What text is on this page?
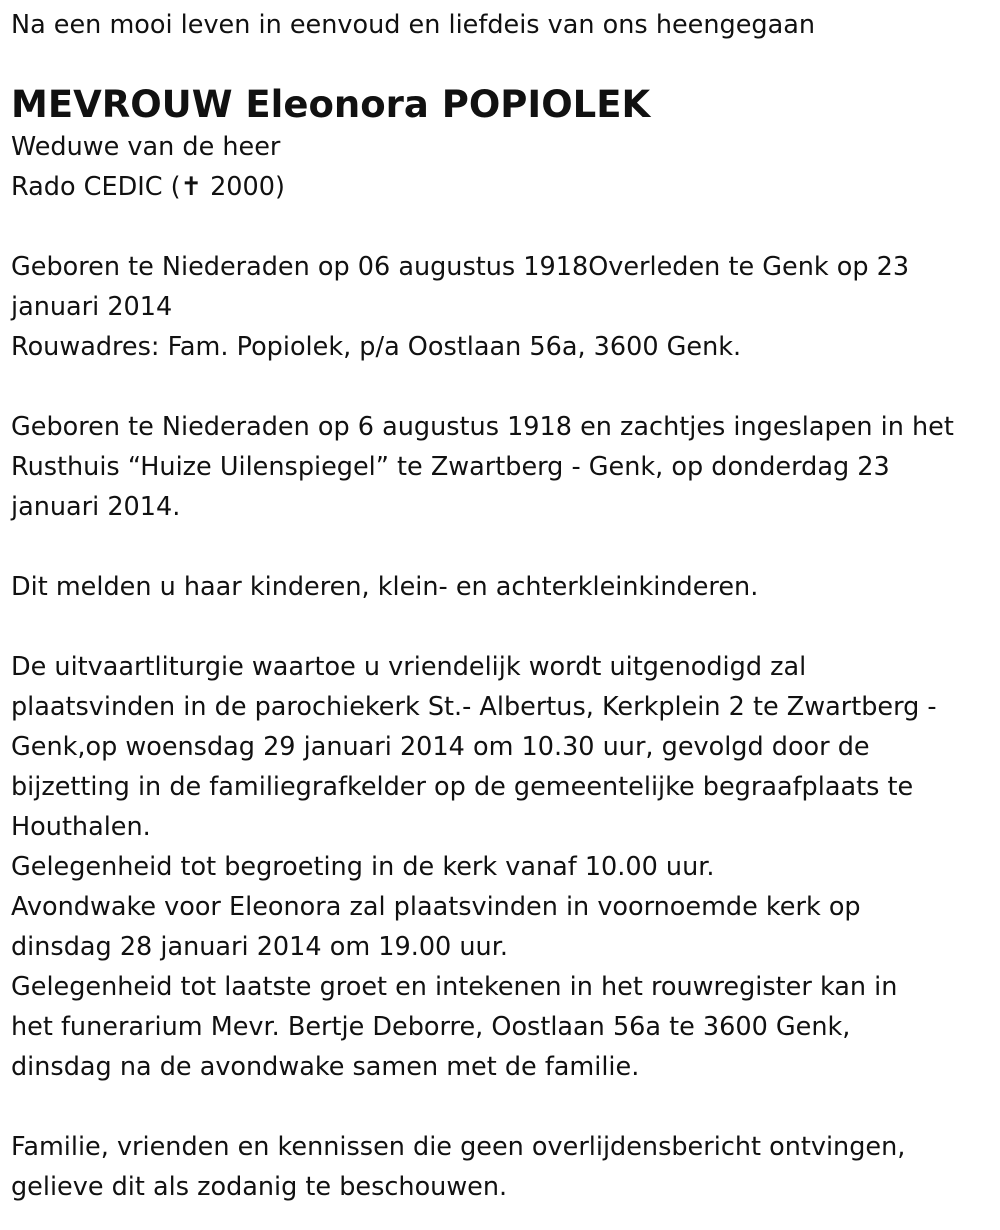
Na een mooi leven in eenvoud en liefdeis van ons heengegaan

MEVROUW Eleonora POPIOLEK

Weduwe van de heer

Rado CEDIC (✝ 2000)

Geboren te Niederaden op 06 augustus 1918Overleden te Genk op 23

januari 2014

Rouwadres: Fam. Popiolek, p/a Oostlaan 56a, 3600 Genk.

Geboren te Niederaden op 6 augustus 1918 en zachtjes ingeslapen in het

Rusthuis “Huize Uilenspiegel” te Zwartberg - Genk, op donderdag 23

januari 2014.

Dit melden u haar kinderen, klein- en achterkleinkinderen.

De uitvaartliturgie waartoe u vriendelijk wordt uitgenodigd zal

plaatsvinden in de parochiekerk St.- Albertus, Kerkplein 2 te Zwartberg -

Genk,op woensdag 29 januari 2014 om 10.30 uur, gevolgd door de

bijzetting in de familiegrafkelder op de gemeentelijke begraafplaats te

Houthalen.

Gelegenheid tot begroeting in de kerk vanaf 10.00 uur.

Avondwake voor Eleonora zal plaatsvinden in voornoemde kerk op

dinsdag 28 januari 2014 om 19.00 uur.

Gelegenheid tot laatste groet en intekenen in het rouwregister kan in

het funerarium Mevr. Bertje Deborre, Oostlaan 56a te 3600 Genk,

dinsdag na de avondwake samen met de familie.

Familie, vrienden en kennissen die geen overlijdensbericht ontvingen,

gelieve dit als zodanig te beschouwen.
